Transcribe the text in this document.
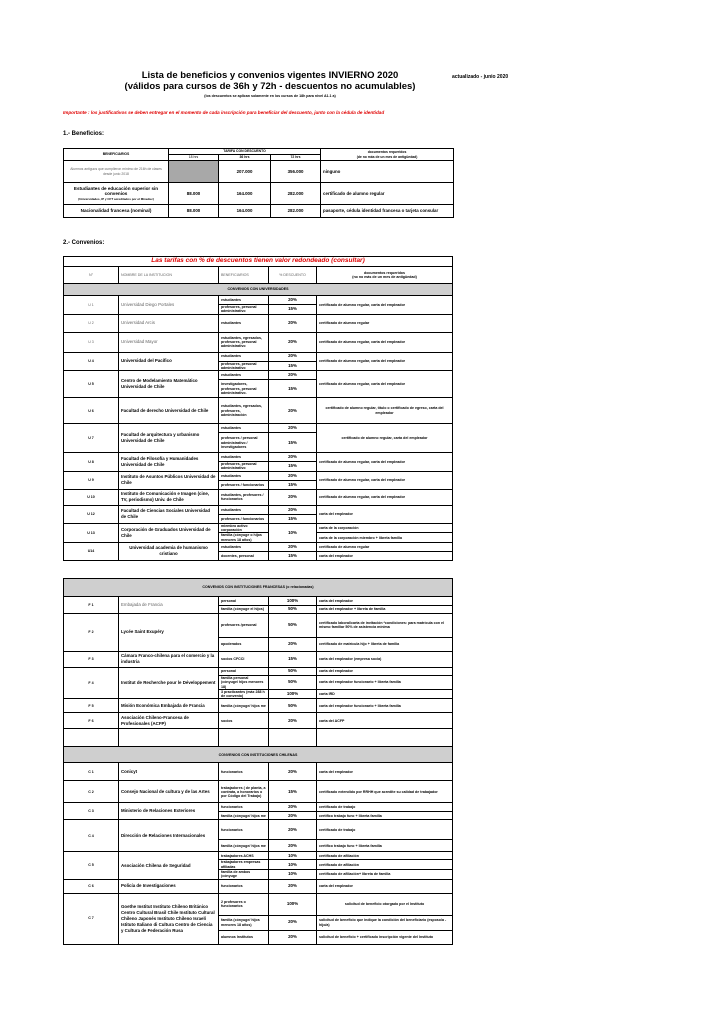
Lista de beneficios y convenios vigentes INVIERNO 2020
(válidos para cursos de 36h y 72h - descuentos no acumulables)
(los descuentos se aplican solamente en los cursos de 18h para nivel A1.1 a)
actualizado - junio 2020
Importante : los justificativos se deben entregar en el momento de cada inscripción para beneficiar del descuento, junto con la cédula de identidad
1.- Beneficios:
BENEFICIARIOS	TARIFA CON DESCUENTO			documentos requeridos
(de no más de un mes de antigüedad)
	18 hrs	36 hrs	72 hrs	
Alumnos antiguos que cumplieron mínimo de 216h de clases desde junio 2018		207.000	356.000	ninguno

Estudiantes de educación superior sin convenios
(Universidades, IP y CFT acreditados por el Mineduc)	88.000	164.000	282.000	certificado de alumno regular
Nacionalidad francesa (nominal)	88.000	164.000	282.000	pasaporte, cédula identidad francesa o tarjeta consular
2.- Convenios:
Las tarifas con % de descuentos tienen valor redondeado (consultar)				
N°	NOMBRE DE LA INSTITUCION	BENEFICIARIOS	% DESCUENTO	documentos requeridos
(no no más de un mes de antigüedad)
CONVENIOS CON UNIVERSIDADES				
U 1	Universidad Diego Portales	estudiantes	20%	certificado de alumno regular, carta del empleador
		profesores, personal administrativo	15%	
U 2	Universidad Arcis	estudiantes	20%	certificado de alumno regular
U 3	Universidad Mayor	estudiantes, egresados, profesores, personal administrativo	20%	certificado de alumno regular, carta del empleador
U 4	Universidad del Pacífico	estudiantes	20%	certificado de alumno regular, carta del empleador
		profesores, personal administrativo	15%	
U 5	Centro de Modelamiento Matemático Universidad de Chile	estudiantes	20%	certificado de alumno regular, carta del empleador
		investigadores, profesores, personal administrativo.	15%	
U 6	Facultad de derecho Universidad de Chile	estudiantes, egresados, profesores, administración	20%	certificado de alumno regular, título o certificado de egreso, carta del empleador
U 7	Facultad de arquitectura y urbanismo Universidad de Chile	estudiantes	20%	certificado de alumno regular, carta del empleador
		profesores / personal administrativo / investigadores	15%	
U 8	Facultad de Filosofía y Humanidades Universidad de Chile	estudiantes	20%	certificado de alumno regular, carta del empleador
		profesores, personal administrativo	15%	
U 9	Instituto de Asuntos Públicos Universidad de Chile	estudiantes	20%	certificado de alumno regular, carta del empleador
		profesores / funcionarios	15%	
U 10	Instituto de Comunicación e Imagen (cine, TV, periodismo) Univ. de Chile	estudiantes, profesores / funcionarios	20%	certificado de alumno regular, carta del empleador
U 12	Facultad de Ciencias Sociales Universidad de Chile	estudiantes	20%	carta del empleador
		profesores / funcionarios	15%	
U 13	Corporación de Graduados Universidad de Chile	miembro activo corporación	10%	carta de la corporación
		familia (cónyuge o hijos menores 18 años)		carta de la corporación miembro + libreta familia
U14	Universidad academia de humanismo cristiano	estudiantes	20%	certificado de alumno regular
		docentes, personal	15%	carta del empleador

CONVENIOS CON INSTITUCIONES FRANCESAS (o relacionadas)				
F 1	Embajada de Francia	personal	100%	carta del empleador
		familia (cónyuge el hijos)	50%	carta del empleador + libreta de familia
F 2	Lycée Saint Exupéry	profesores /personal	50%	certificado laboral/carta de invitación *condiciones: para matrícula con el mismo familiar 50% de asistencia mínima
		apoderados	20%	certificado de matrícula hijo + libreta de familia
F 3	Cámara Franco-chilena para el comercio y la industria	socios CFCCI	15%	carta del empleador (empresa socia)
F 4	Institut de Recherche pour le Développement	personal	50%	carta del empleador
		familia personal (cónyuge/ hijos menores 18)	50%	carta del empleador funcionario + libreta familia
		3 practicantes (máx 288 h de convenio)	100%	carta IRD
F 5	Misión Económica Embajada de Francia	familia (cónyuge/ hijos me	50%	carta del empleador funcionario + libreta familia
F 6	Asociación Chileno-Francesa de Profesionales (ACFP)	socios	20%	carta del ACFP

CONVENIOS CON INSTITUCIONES CHILENAS				
C 1	Conicyt	funcionarios	20%	carta del empleador
C 2	Consejo Nacional de cultura y de las Artes	trabajadores ( de planta, a contrata, a honorarios o por Código del Trabajo)	15%	certificado extendido por RRHH que acredite su calidad de trabajador
C 3	Ministerio de Relaciones Exteriores	funcionarios	20%	certificado de trabajo
		familia (cónyuge/ hijos me	20%	certifico trabajo func + libreta familia
C 4	Dirección de Relaciones Internacionales	funcionarios	20%	certificado de trabajo
		familia (cónyuge/ hijos me	20%	certifico trabajo func + libreta familia
C 5	Asociación Chilena de Seguridad	trabajadores ACHS	10%	certificado de afiliación
		trabajadores empresas afiliadas	10%	certificado de afiliación
		familia de ambos (cónyuge	10%	certificado de afiliación+ libreta de familia
C 6	Policía de Investigaciones	funcionarios	20%	carta del empleador
C 7	Goethe Institut Instituto Chileno Británico Centro Cultural Brasil Chile Instituto Cultural Chileno Japonés Instituto Chileno Israelí Istituto Italiano di Cultura Centro de Ciencia y Cultura de Federación Rusa	2 profesores o funcionarios	100%	solicitud de beneficio otorgado por el Instituto
		familia (cónyuge/ hijos menores 18 años)	20%	solicitud de beneficio que indique la condición del beneficiario (esposo/a - hijo/a)
		alumnos Institutos	20%	solicitud de beneficio + certificado inscripción vigente del Instituto
